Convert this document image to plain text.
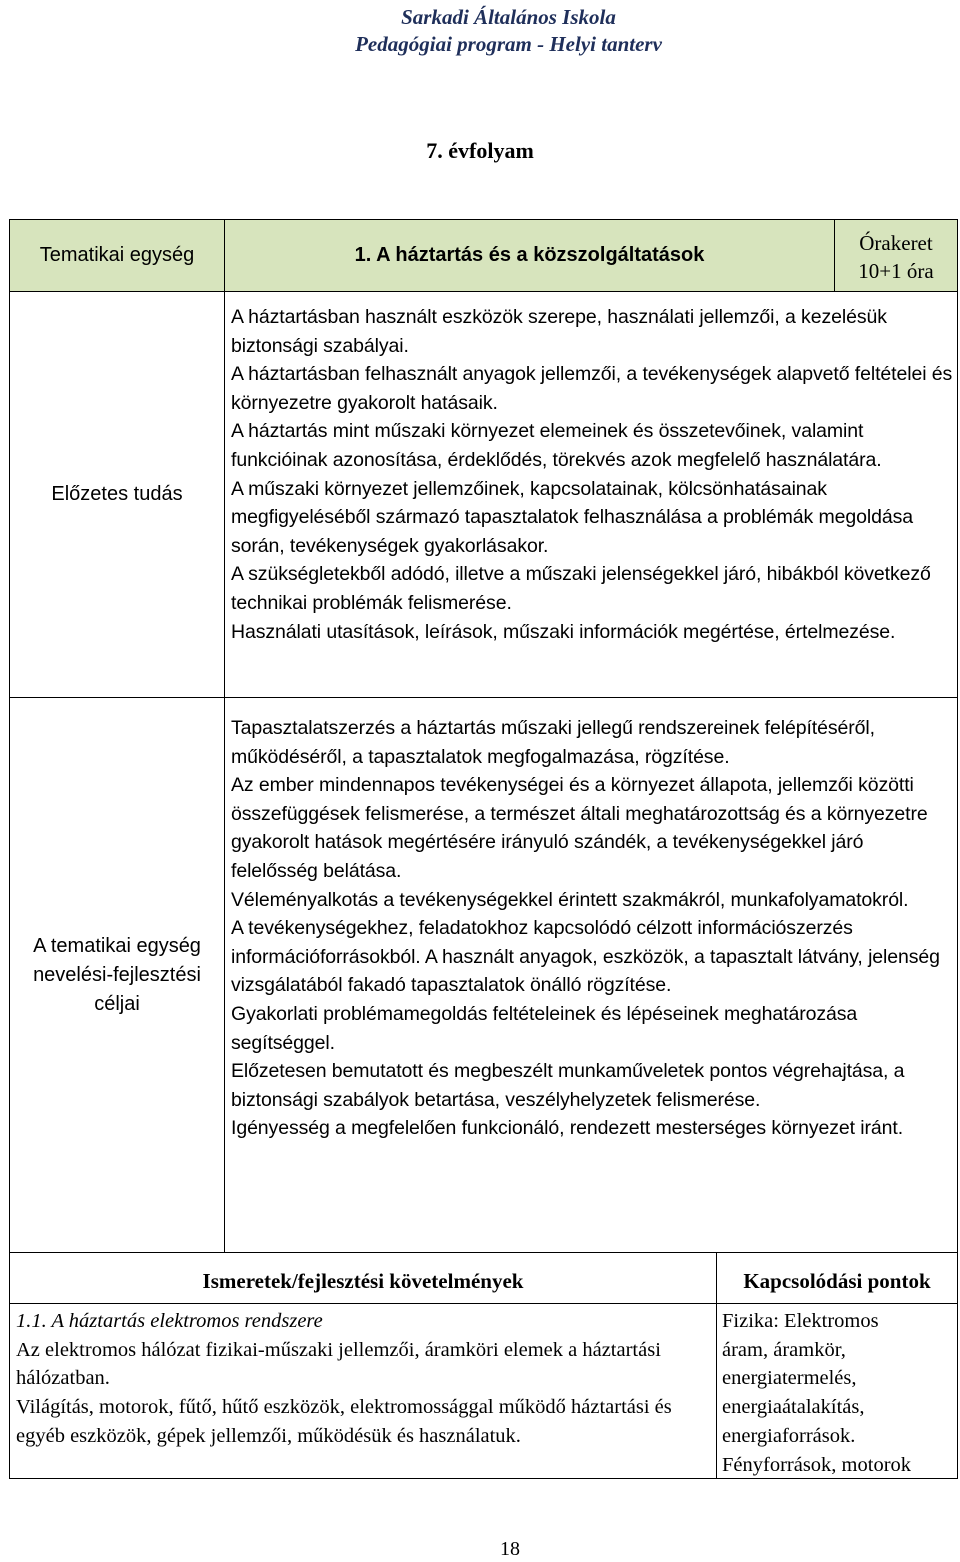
Sarkadi Általános Iskola
Pedagógiai program - Helyi tanterv
7. évfolyam
Tematikai egység	1. A háztartás és a közszolgáltatások
Órakeret
10+1 óra
Előzetes tudás

A háztartásban használt eszközök szerepe, használati jellemzői, a kezelésük biztonsági szabályai.

A háztartásban felhasznált anyagok jellemzői, a tevékenységek alapvető feltételei és környezetre gyakorolt hatásaik.

A háztartás mint műszaki környezet elemeinek és összetevőinek, valamint funkcióinak azonosítása, érdeklődés, törekvés azok megfelelő használatára.

A műszaki környezet jellemzőinek, kapcsolatainak, kölcsönhatásainak megfigyeléséből származó tapasztalatok felhasználása a problémák megoldása során, tevékenységek gyakorlásakor.

A szükségletekből adódó, illetve a műszaki jelenségekkel járó, hibákból következő technikai problémák felismerése.

Használati utasítások, leírások, műszaki információk megértése, értelmezése.

A tematikai egység
nevelési-fejlesztési
céljai

Tapasztalatszerzés a háztartás műszaki jellegű rendszereinek felépítéséről, működéséről, a tapasztalatok megfogalmazása, rögzítése.

Az ember mindennapos tevékenységei és a környezet állapota, jellemzői közötti összefüggések felismerése, a természet általi meghatározottság és a környezetre gyakorolt hatások megértésére irányuló szándék, a tevékenységekkel járó felelősség belátása.

Véleményalkotás a tevékenységekkel érintett szakmákról, munkafolyamatokról.

A tevékenységekhez, feladatokhoz kapcsolódó célzott információszerzés információforrásokból. A használt anyagok, eszközök, a tapasztalt látvány, jelenség vizsgálatából fakadó tapasztalatok önálló rögzítése.

Gyakorlati problémamegoldás feltételeinek és lépéseinek meghatározása segítséggel.

Előzetesen bemutatott és megbeszélt munkaműveletek pontos végrehajtása, a biztonsági szabályok betartása, veszélyhelyzetek felismerése.

Igényesség a megfelelően funkcionáló, rendezett mesterséges környezet iránt.

Ismeretek/fejlesztési követelmények	Kapcsolódási pontok

1.1. A háztartás elektromos rendszere

Az elektromos hálózat fizikai-műszaki jellemzői, áramköri elemek a háztartási hálózatban.

Világítás, motorok, fűtő, hűtő eszközök, elektromossággal működő háztartási és egyéb eszközök, gépek jellemzői, működésük és használatuk.

Fizika: Elektromos

áram, áramkör,

energiatermelés,

energiaátalakítás,

energiaforrások.

Fényforrások, motorok

18
